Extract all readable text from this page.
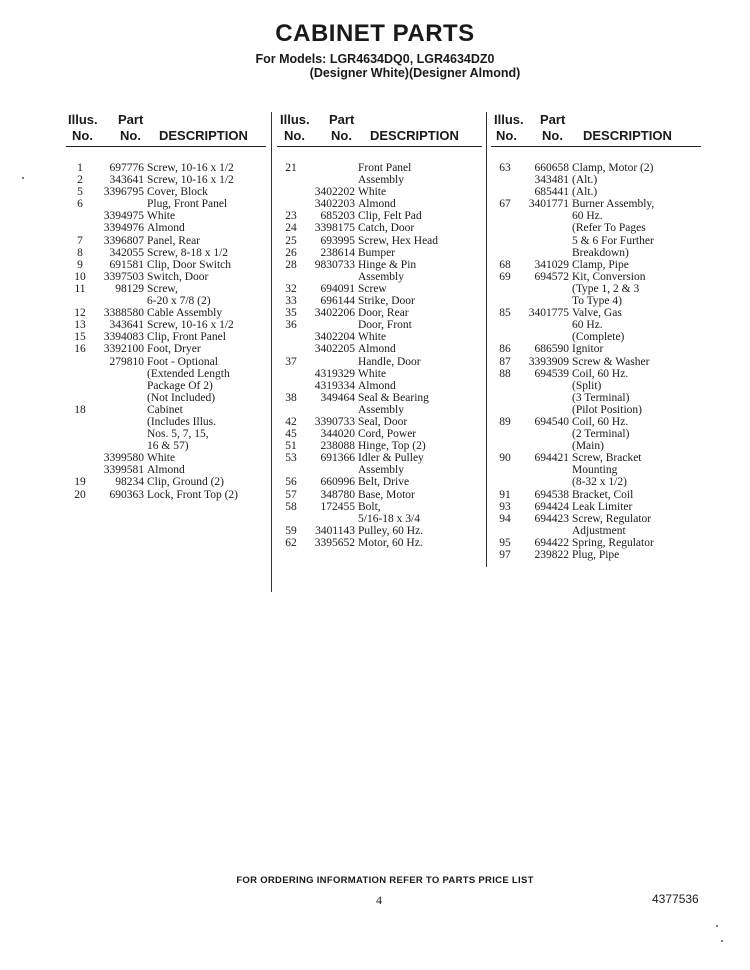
CABINET PARTS
For Models: LGR4634DQ0, LGR4634DZ0
(Designer White)(Designer Almond)
Illus.
No.
Part
No. DESCRIPTION
1	697776 Screw, 10-16 x 1/2
2	343641 Screw, 10-16 x 1/2
5	3396795 Cover, Block
6	Plug, Front Panel
3394975 White
3394976 Almond
7	3396807 Panel, Rear
8	342055 Screw, 8-18 x 1/2
9	691581 Clip, Door Switch
10	3397503 Switch, Door
11	98129 Screw,
6-20 x 7/8 (2)
12	3388580 Cable Assembly
13	343641 Screw, 10-16 x 1/2
15	3394083 Clip, Front Panel
16	3392100 Foot, Dryer
279810 Foot - Optional
(Extended Length
Package Of 2)
(Not Included)
18	Cabinet
(Includes Illus.
Nos. 5, 7, 15,
16 & 57)
3399580 White
3399581 Almond
19	98234 Clip, Ground (2)
20	690363 Lock, Front Top (2)
Illus.
No.
Part
No. DESCRIPTION
21	Front Panel
Assembly
3402202 White
3402203 Almond
23	685203 Clip, Felt Pad
24	3398175 Catch, Door
25	693995 Screw, Hex Head
26	238614 Bumper
28	9830733 Hinge & Pin
Assembly
32	694091 Screw
33	696144 Strike, Door
35	3402206 Door, Rear
36	Door, Front
3402204 White
3402205 Almond
37	Handle, Door
4319329 White
4319334 Almond
38	349464 Seal & Bearing
Assembly
42	3390733 Seal, Door
45	344020 Cord, Power
51	238088 Hinge, Top (2)
53	691366 Idler & Pulley
Assembly
56	660996 Belt, Drive
57	348780 Base, Motor
58	172455 Bolt,
5/16-18 x 3/4
59	3401143 Pulley, 60 Hz.
62	3395652 Motor, 60 Hz.
Illus.
No.
Part
No. DESCRIPTION
63	660658 Clamp, Motor (2)
343481 (Alt.)
685441 (Alt.)
67	3401771 Burner Assembly,
60 Hz.
(Refer To Pages
5 & 6 For Further
Breakdown)
68	341029 Clamp, Pipe
69	694572 Kit, Conversion
(Type 1, 2 & 3
To Type 4)
85	3401775 Valve, Gas
60 Hz.
(Complete)
86	686590 Ignitor
87	3393909 Screw & Washer
88	694539 Coil, 60 Hz.
(Split)
(3 Terminal)
(Pilot Position)
89	694540 Coil, 60 Hz.
(2 Terminal)
(Main)
90	694421 Screw, Bracket
Mounting
(8-32 x 1/2)
91	694538 Bracket, Coil
93	694424 Leak Limiter
94	694423 Screw, Regulator
Adjustment
95	694422 Spring, Regulator
97	239822 Plug, Pipe
FOR ORDERING INFORMATION REFER TO PARTS PRICE LIST
4	4377536
